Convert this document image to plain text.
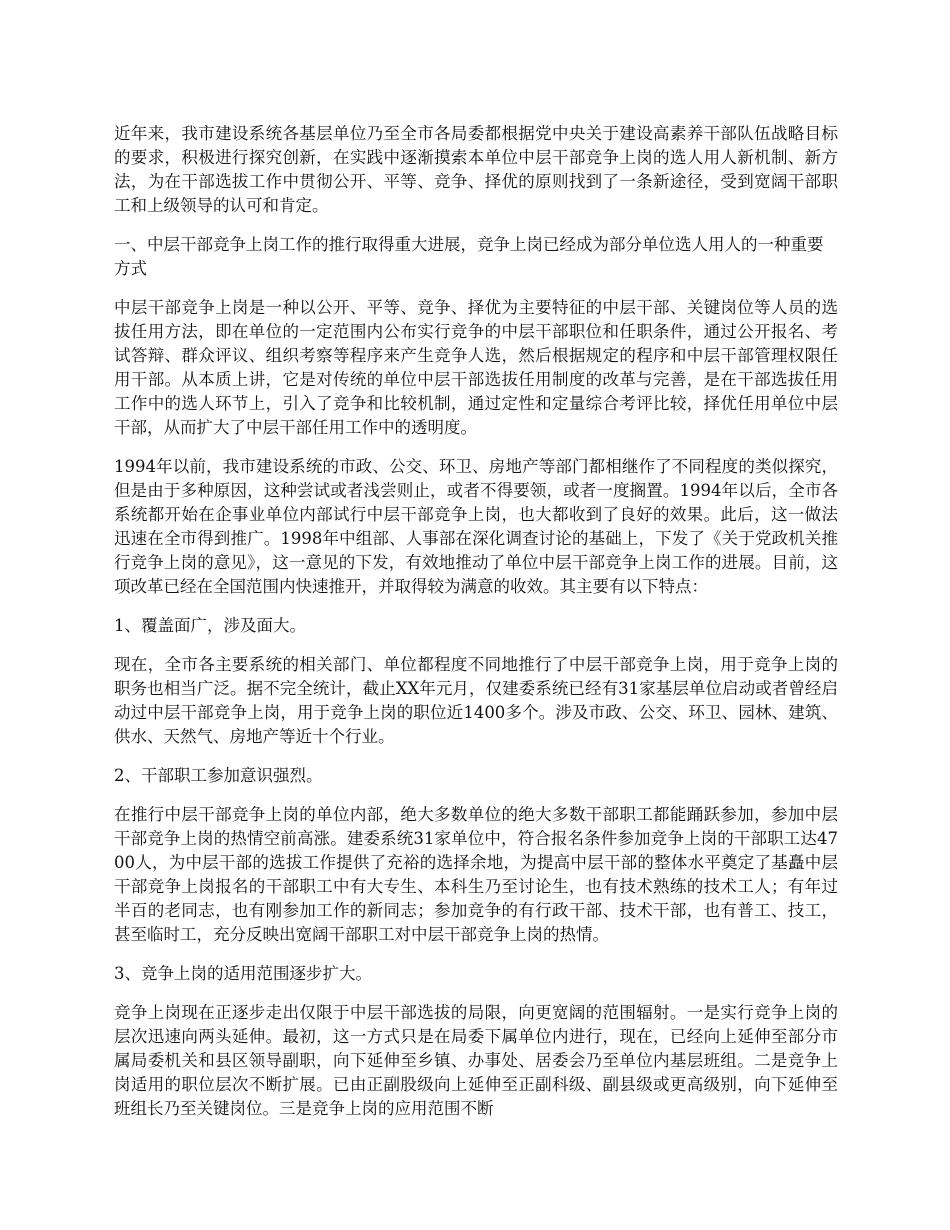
近年来，我市建设系统各基层单位乃至全市各局委都根据党中央关于建设高素养干部队伍战略目标的要求，积极进行探究创新，在实践中逐渐摸索本单位中层干部竞争上岗的选人用人新机制、新方法，为在干部选拔工作中贯彻公开、平等、竞争、择优的原则找到了一条新途径，受到宽阔干部职工和上级领导的认可和肯定。

一、中层干部竞争上岗工作的推行取得重大进展，竞争上岗已经成为部分单位选人用人的一种重要方式

中层干部竞争上岗是一种以公开、平等、竞争、择优为主要特征的中层干部、关键岗位等人员的选拔任用方法，即在单位的一定范围内公布实行竞争的中层干部职位和任职条件，通过公开报名、考试答辩、群众评议、组织考察等程序来产生竞争人选，然后根据规定的程序和中层干部管理权限任用干部。从本质上讲，它是对传统的单位中层干部选拔任用制度的改革与完善，是在干部选拔任用工作中的选人环节上，引入了竞争和比较机制，通过定性和定量综合考评比较，择优任用单位中层干部，从而扩大了中层干部任用工作中的透明度。

1994年以前，我市建设系统的市政、公交、环卫、房地产等部门都相继作了不同程度的类似探究，但是由于多种原因，这种尝试或者浅尝则止，或者不得要领，或者一度搁置。1994年以后，全市各系统都开始在企事业单位内部试行中层干部竞争上岗，也大都收到了良好的效果。此后，这一做法迅速在全市得到推广。1998年中组部、人事部在深化调查讨论的基础上，下发了《关于党政机关推行竞争上岗的意见》，这一意见的下发，有效地推动了单位中层干部竞争上岗工作的进展。目前，这项改革已经在全国范围内快速推开，并取得较为满意的收效。其主要有以下特点：

1、覆盖面广，涉及面大。

现在，全市各主要系统的相关部门、单位都程度不同地推行了中层干部竞争上岗，用于竞争上岗的职务也相当广泛。据不完全统计，截止XX年元月，仅建委系统已经有31家基层单位启动或者曾经启动过中层干部竞争上岗，用于竞争上岗的职位近1400多个。涉及市政、公交、环卫、园林、建筑、供水、天然气、房地产等近十个行业。

2、干部职工参加意识强烈。

在推行中层干部竞争上岗的单位内部，绝大多数单位的绝大多数干部职工都能踊跃参加，参加中层干部竞争上岗的热情空前高涨。建委系统31家单位中，符合报名条件参加竞争上岗的干部职工达4700人，为中层干部的选拔工作提供了充裕的选择余地，为提高中层干部的整体水平奠定了基矗中层干部竞争上岗报名的干部职工中有大专生、本科生乃至讨论生，也有技术熟练的技术工人；有年过半百的老同志，也有刚参加工作的新同志；参加竞争的有行政干部、技术干部，也有普工、技工，甚至临时工，充分反映出宽阔干部职工对中层干部竞争上岗的热情。

3、竞争上岗的适用范围逐步扩大。

竞争上岗现在正逐步走出仅限于中层干部选拔的局限，向更宽阔的范围辐射。一是实行竞争上岗的层次迅速向两头延伸。最初，这一方式只是在局委下属单位内进行，现在，已经向上延伸至部分市属局委机关和县区领导副职，向下延伸至乡镇、办事处、居委会乃至单位内基层班组。二是竞争上岗适用的职位层次不断扩展。已由正副股级向上延伸至正副科级、副县级或更高级别，向下延伸至班组长乃至关键岗位。三是竞争上岗的应用范围不断
